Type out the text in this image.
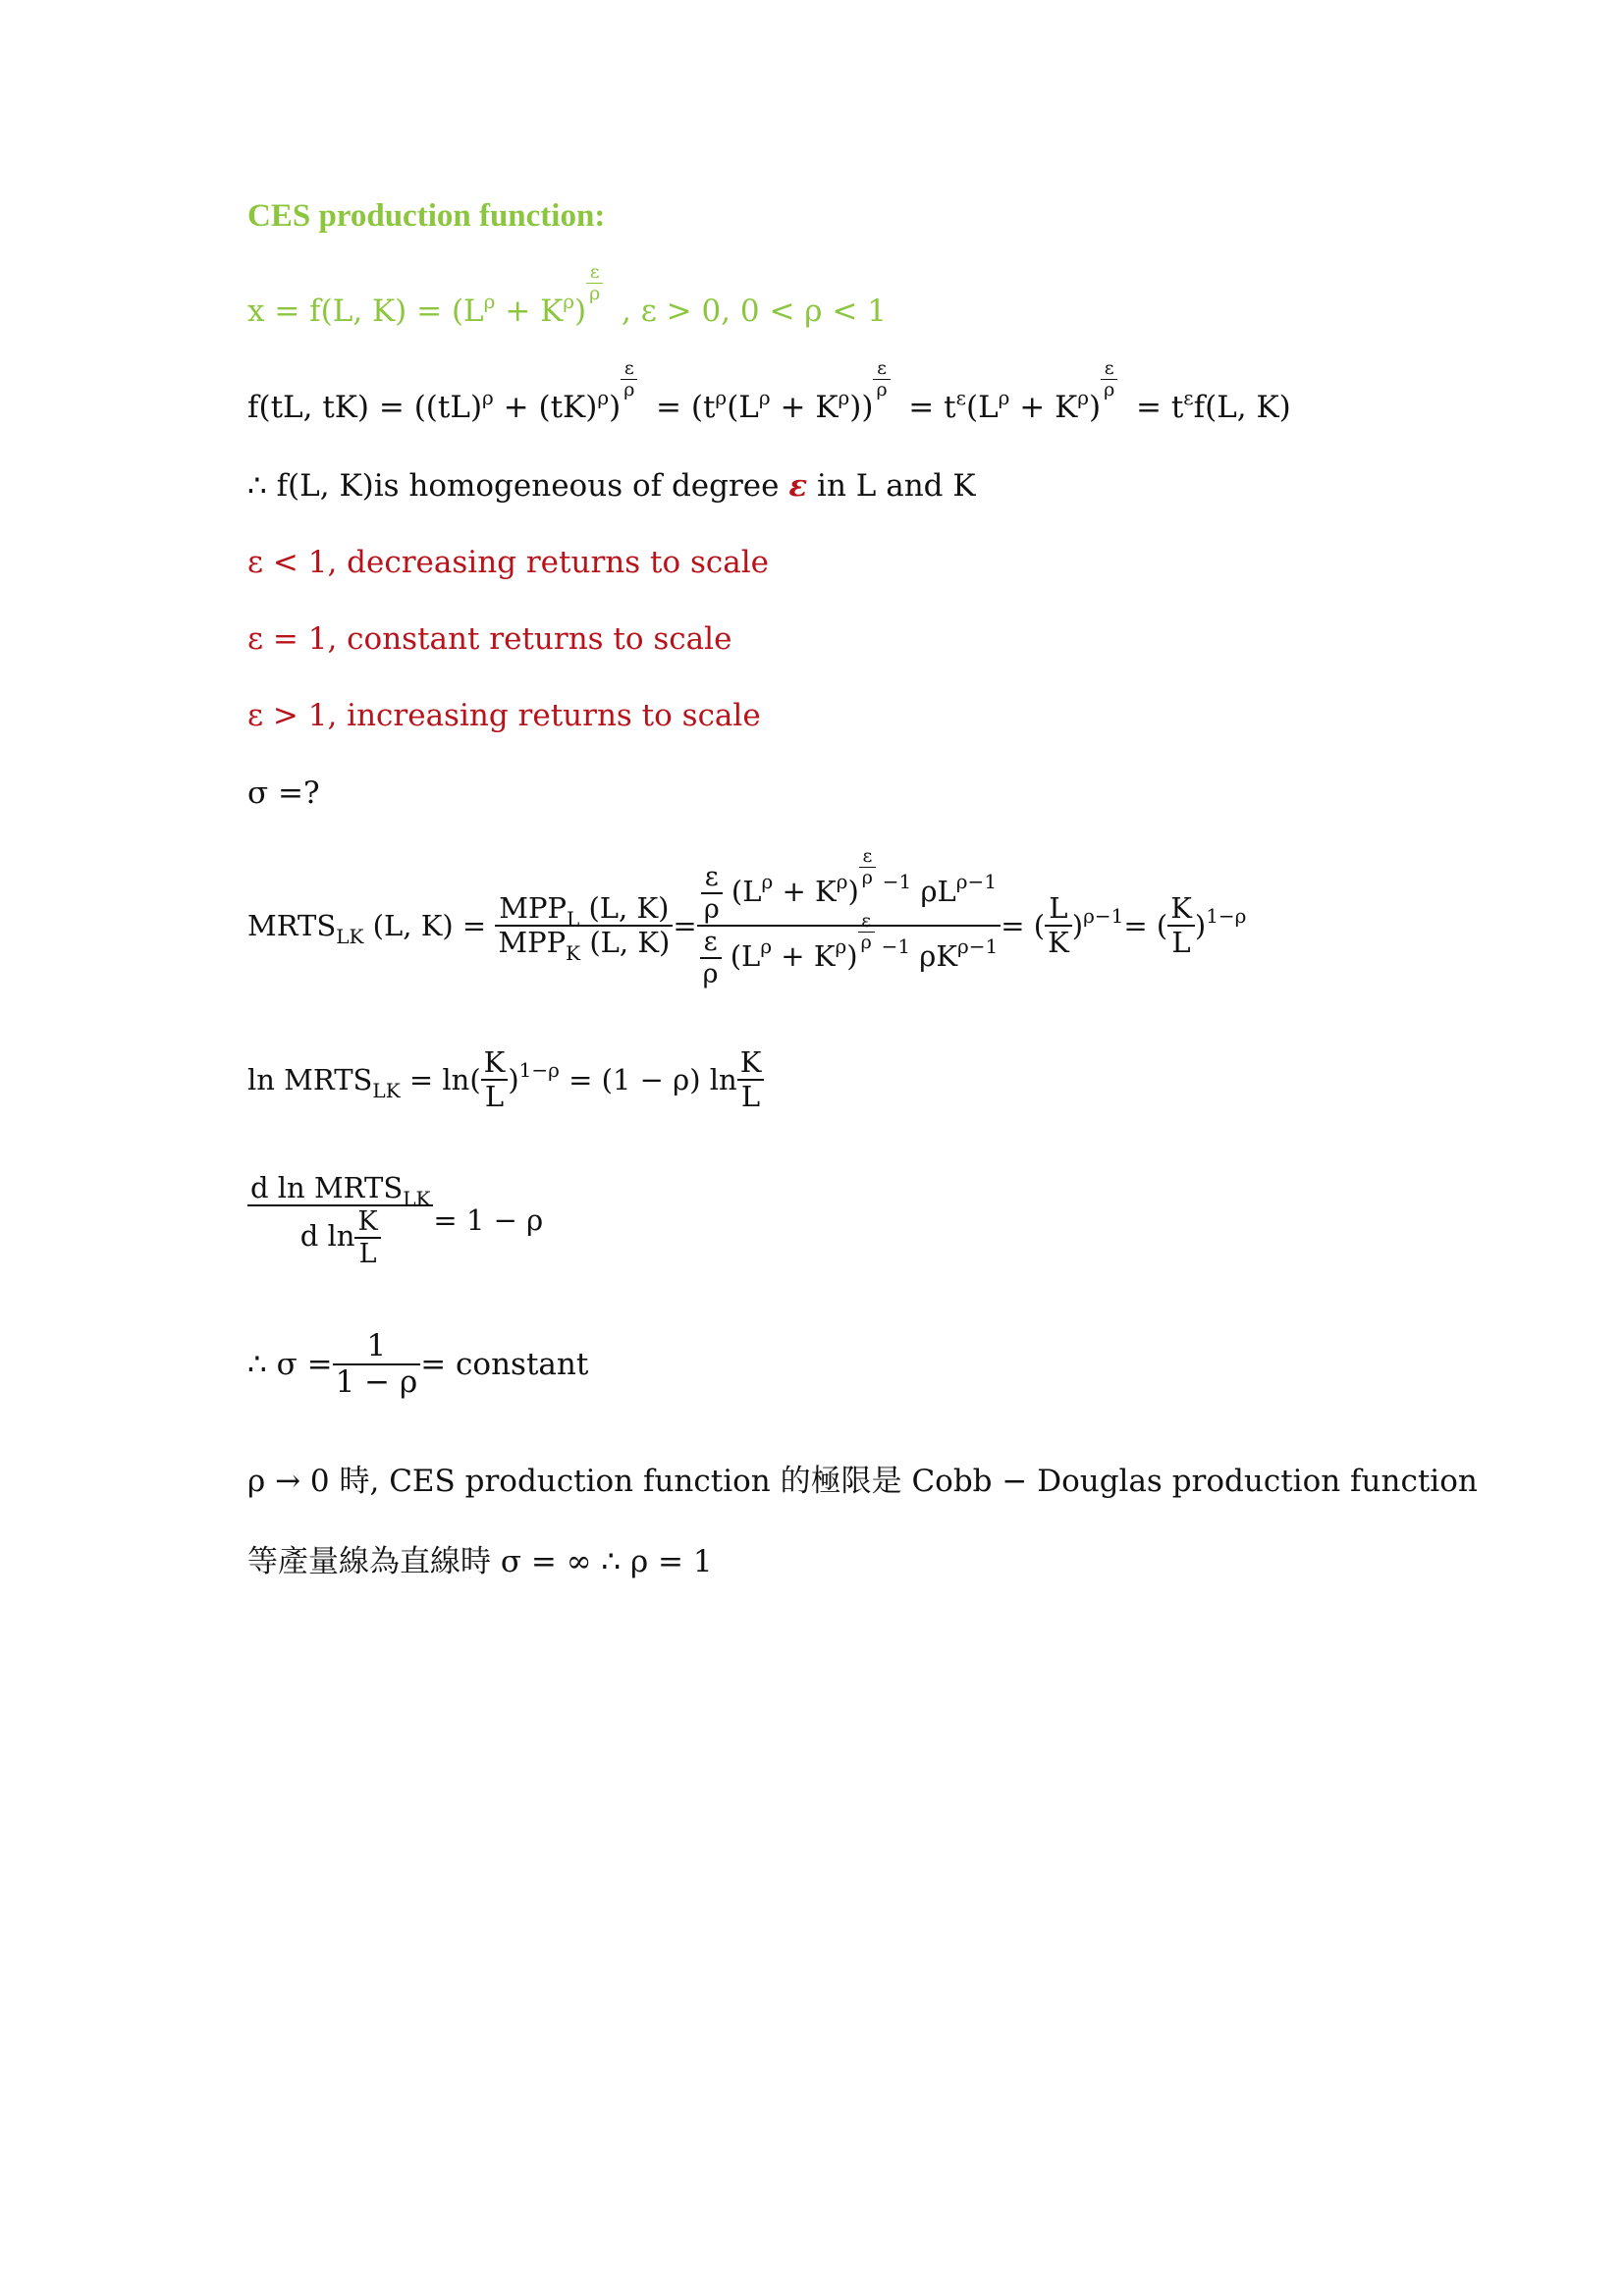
CES production function:
x = f(L, $K) = (L^\rho + K^\rho)$
ε
ρ , ε > 0, 0 < ρ < 1
f(tL, tK) = ((tL)$^\rho$ + (tK)$^\rho$)
ε
$\rho = (t^\rho(L^\rho + K^\rho))$
ε
$\rho = t^\varepsilon(L^\rho + K^\rho)$
ε
$\rho = t^\varepsilon f(L$, K)
∴ f(L, K)is homogeneous of degree ε in L and K
ε < 1, decreasing returns to scale
ε = 1, constant returns to scale
ε > 1, increasing returns to scale
σ =?
$MRTS_{LK}$ (L, $K) = \frac{MPP_L (L, K)}{MPP_K (L, K)} = \frac{\varepsilon}{\rho} (L^\rho + K^\rho)$
ε
ρ $^{-1}$ $\rho L^{\rho-1}$
$\frac{\varepsilon}{\rho} (L^\rho + K^\rho)$
ε
ρ $^{-1}$ $\rho K^{\rho-1}$ = ( $\frac{L}{K} )^{\rho-1}=$ ( $\frac{K}{L} )^{1-\rho}$
$\ln MRTS_{LK} = \ln( \frac{K}{L} )^{1-\rho} = (1 - \rho)$ $\ln \frac{K}{L}$
$\frac{d \ln MRTS_{LK}}{d \ln \frac{K}{L}} = 1 - \rho$
∴ $\sigma = \frac{1}{1 - \rho}$ = constant
ρ → 0 時, CES production function 的極限是 Cobb − Douglas production function
等產量線為直線時 σ = ∞ ∴ ρ = 1
